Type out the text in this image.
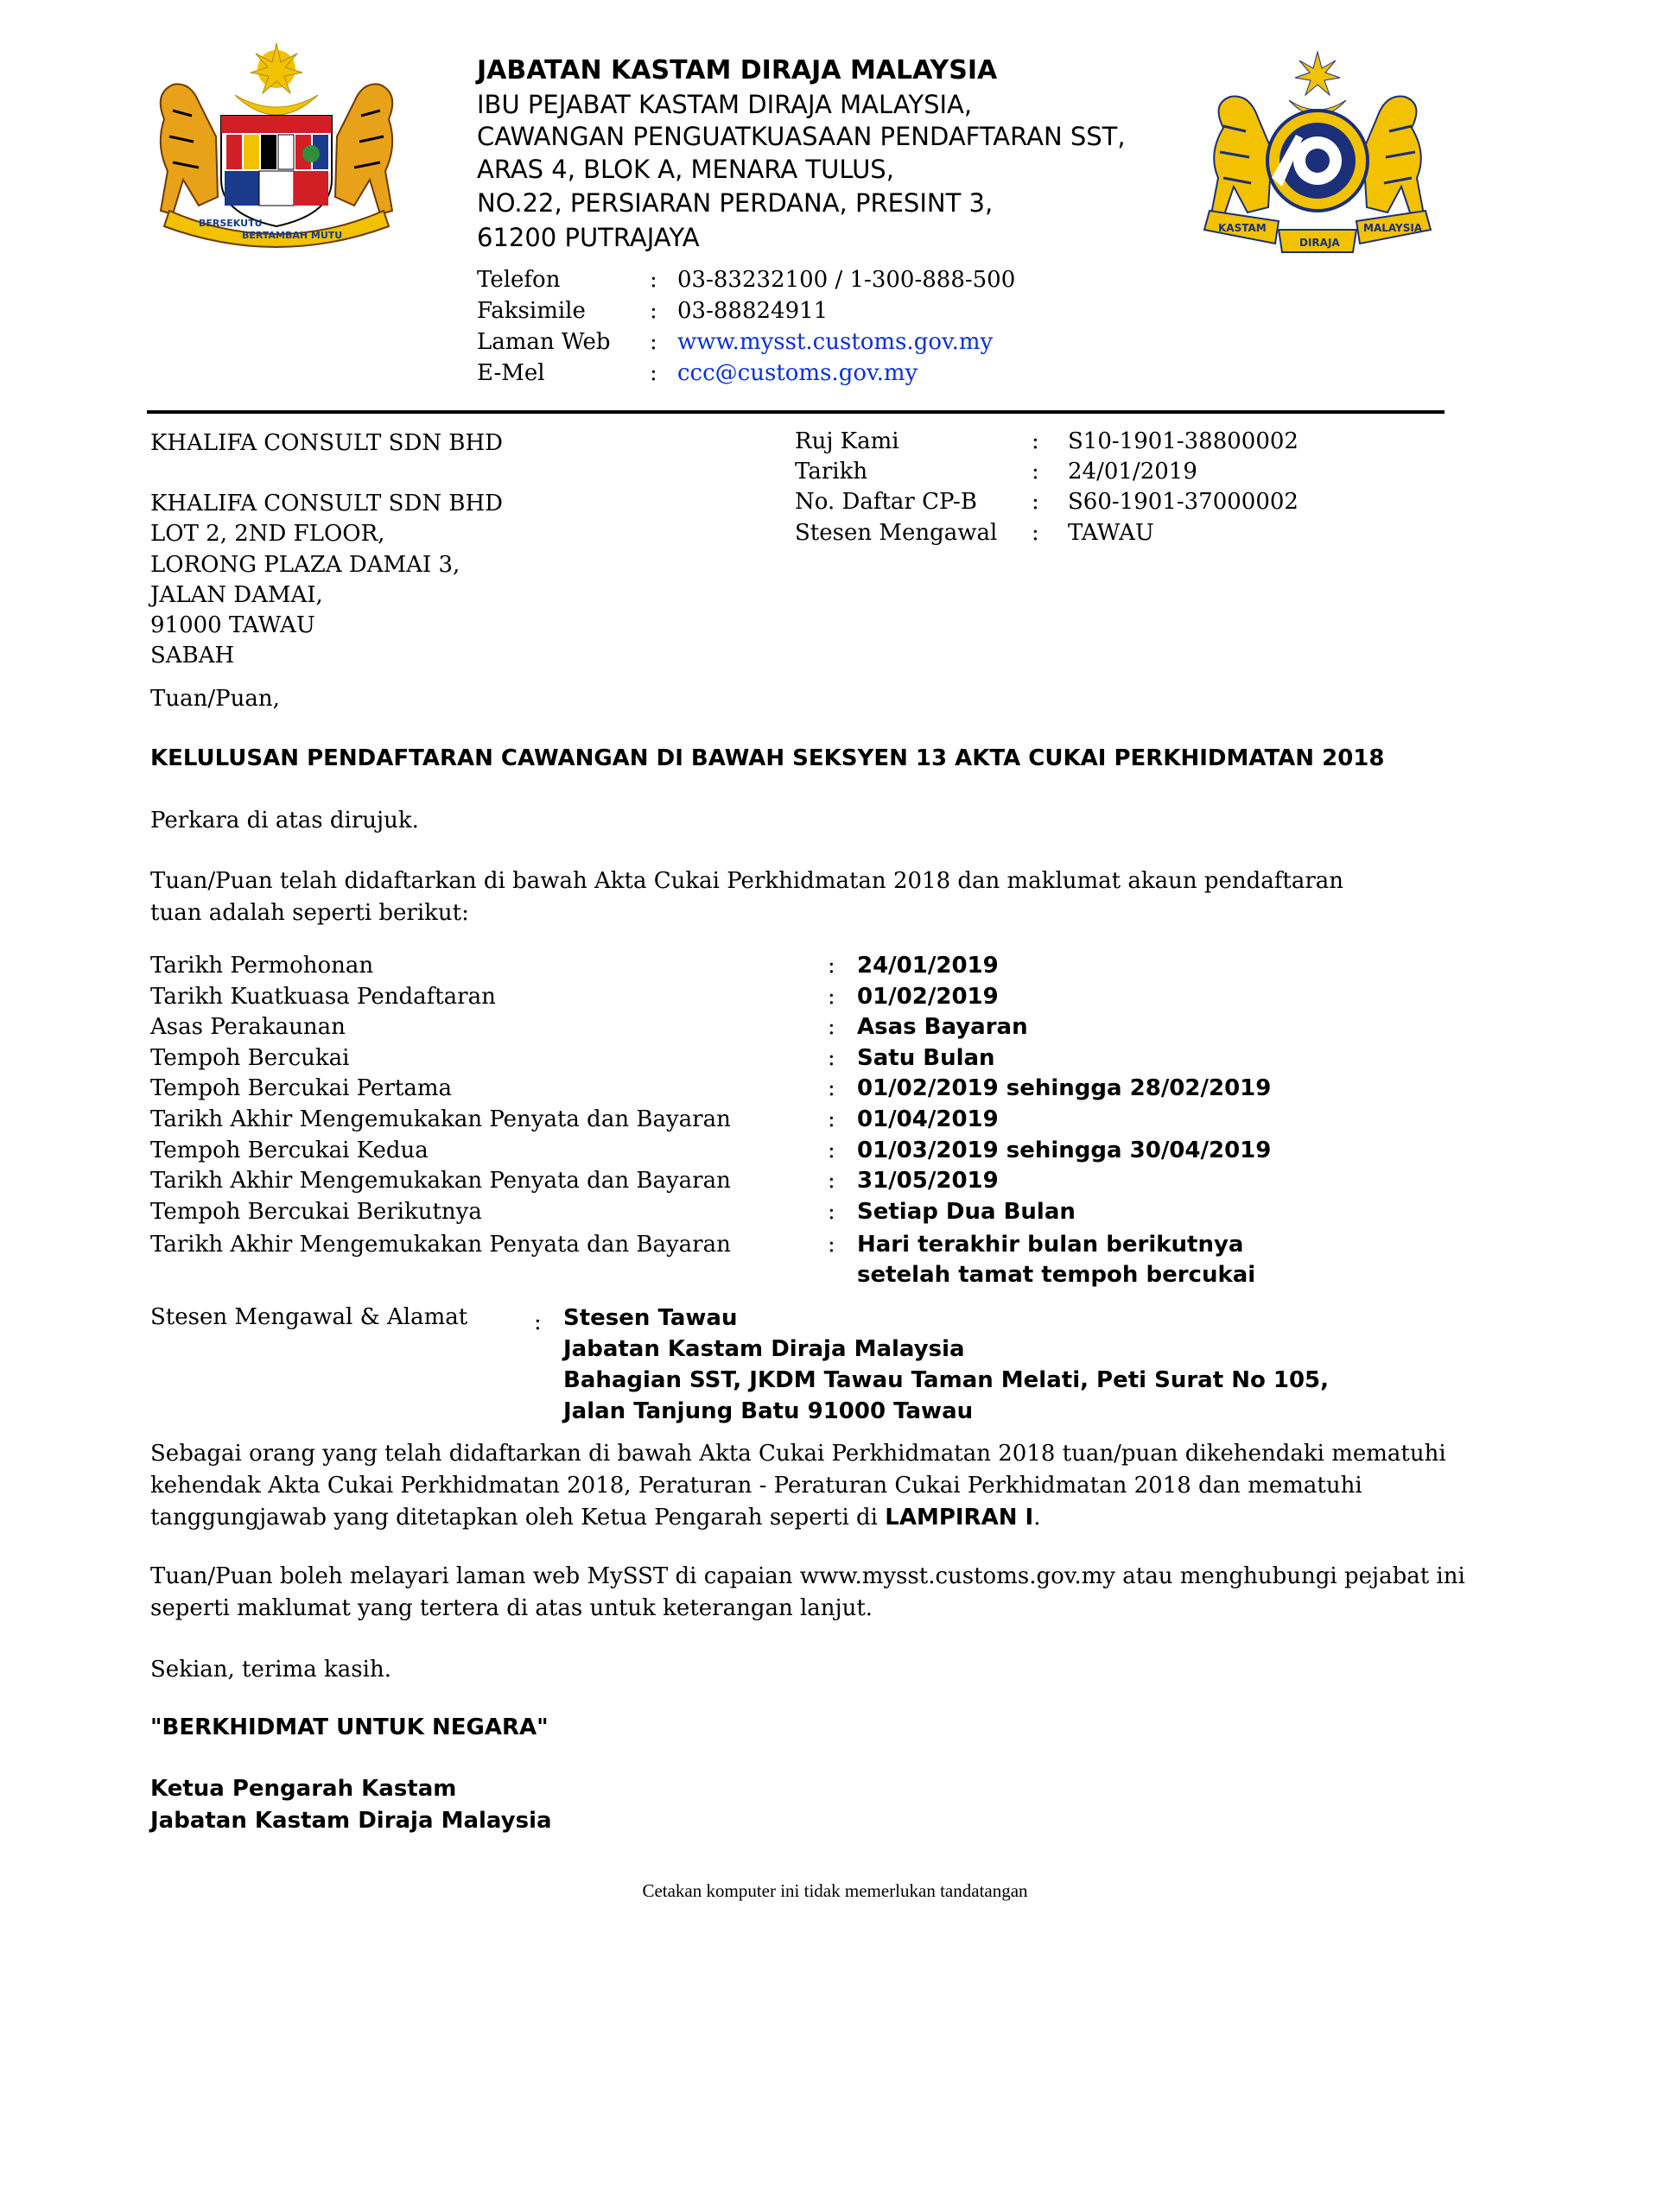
BERSEKUTU
BERTAMBAH MUTU
KASTAM	MALAYSIA
DIRAJA
JABATAN KASTAM DIRAJA MALAYSIA
IBU PEJABAT KASTAM DIRAJA MALAYSIA,
CAWANGAN PENGUATKUASAAN PENDAFTARAN SST,
ARAS 4, BLOK A, MENARA TULUS,
NO.22, PERSIARAN PERDANA, PRESINT 3,
61200 PUTRAJAYA
Telefon	: 03-83232100 / 1-300-888-500
Faksimile	: 03-88824911
Laman Web : www.mysst.customs.gov.my
E-Mel	: ccc@customs.gov.my
KHALIFA CONSULT SDN BHD
KHALIFA CONSULT SDN BHD
LOT 2, 2ND FLOOR,
LORONG PLAZA DAMAI 3,
JALAN DAMAI,
91000 TAWAU
SABAH
Ruj Kami	: S10-1901-38800002
Tarikh	: 24/01/2019
No. Daftar CP-B : S60-1901-37000002
Stesen Mengawal : TAWAU
Tuan/Puan,
KELULUSAN PENDAFTARAN CAWANGAN DI BAWAH SEKSYEN 13 AKTA CUKAI PERKHIDMATAN 2018
Perkara di atas dirujuk.
Tuan/Puan telah didaftarkan di bawah Akta Cukai Perkhidmatan 2018 dan maklumat akaun pendaftaran tuan adalah seperti berikut:
Tarikh Permohonan	: 24/01/2019
Tarikh Kuatkuasa Pendaftaran	: 01/02/2019
Asas Perakaunan	: Asas Bayaran
Tempoh Bercukai	: Satu Bulan
Tempoh Bercukai Pertama	: 01/02/2019 sehingga 28/02/2019
Tarikh Akhir Mengemukakan Penyata dan Bayaran	: 01/04/2019
Tempoh Bercukai Kedua	: 01/03/2019 sehingga 30/04/2019
Tarikh Akhir Mengemukakan Penyata dan Bayaran	: 31/05/2019
Tempoh Bercukai Berikutnya	: Setiap Dua Bulan
Tarikh Akhir Mengemukakan Penyata dan Bayaran	: Hari terakhir bulan berikutnya
setelah tamat tempoh bercukai
Stesen Mengawal & Alamat	: Stesen Tawau
Jabatan Kastam Diraja Malaysia
Bahagian SST, JKDM Tawau Taman Melati, Peti Surat No 105,
Jalan Tanjung Batu 91000 Tawau
Sebagai orang yang telah didaftarkan di bawah Akta Cukai Perkhidmatan 2018 tuan/puan dikehendaki mematuhi kehendak Akta Cukai Perkhidmatan 2018, Peraturan - Peraturan Cukai Perkhidmatan 2018 dan mematuhi tanggungjawab yang ditetapkan oleh Ketua Pengarah seperti di LAMPIRAN I.
Tuan/Puan boleh melayari laman web MySST di capaian www.mysst.customs.gov.my atau menghubungi pejabat ini seperti maklumat yang tertera di atas untuk keterangan lanjut.
Sekian, terima kasih.
"BERKHIDMAT UNTUK NEGARA"
Ketua Pengarah Kastam
Jabatan Kastam Diraja Malaysia
Cetakan komputer ini tidak memerlukan tandatangan
